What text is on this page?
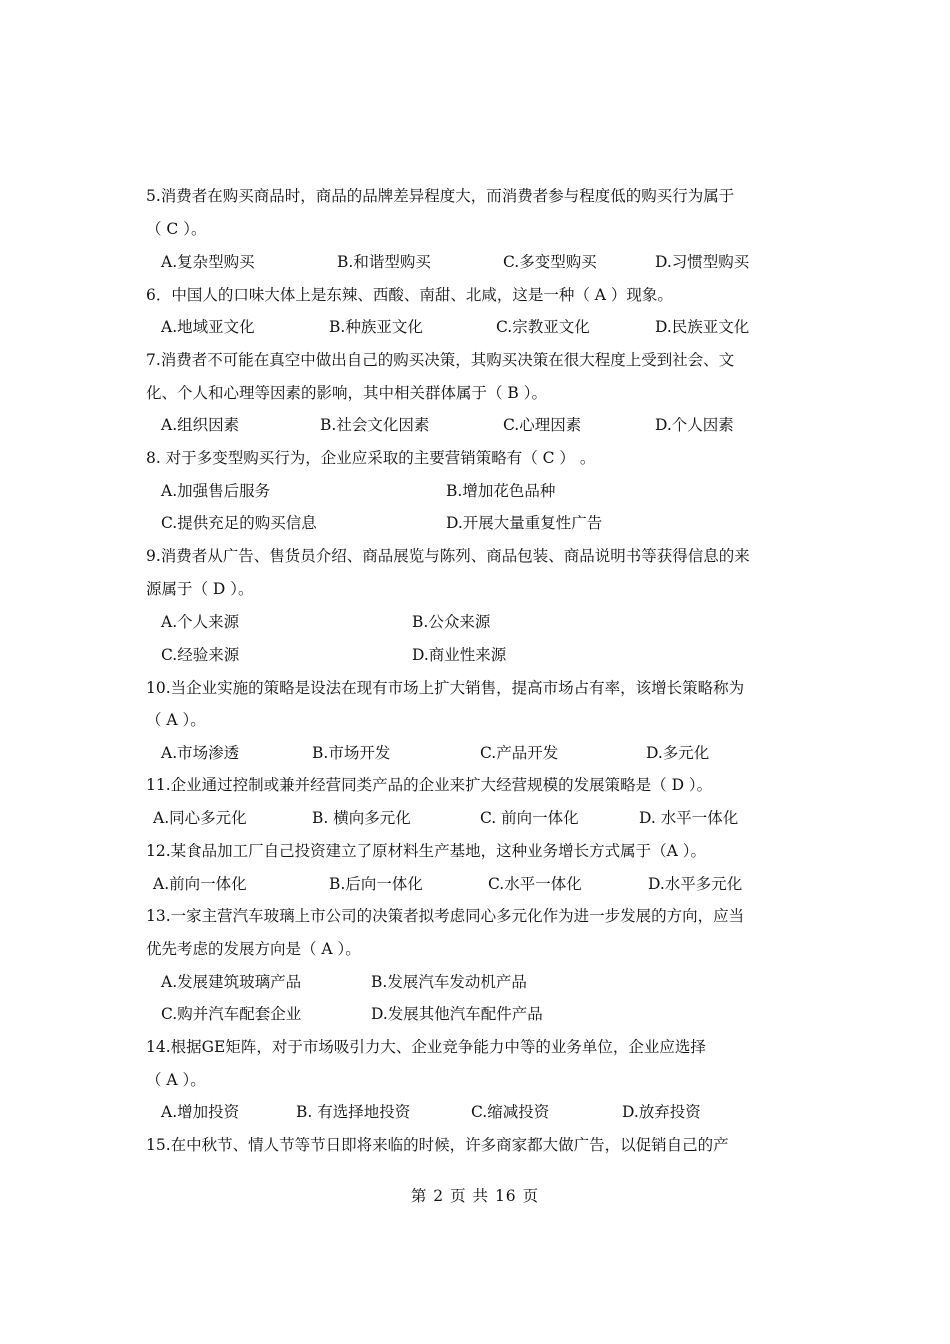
5.消费者在购买商品时，商品的品牌差异程度大，而消费者参与程度低的购买行为属于
（ C ）。
A.复杂型购买	B.和谐型购买	C.多变型购买	D.习惯型购买
6．中国人的口味大体上是东辣、西酸、南甜、北咸，这是一种（ A ）现象。
A.地域亚文化	B.种族亚文化	C.宗教亚文化	D.民族亚文化
7.消费者不可能在真空中做出自己的购买决策，其购买决策在很大程度上受到社会、文
化、个人和心理等因素的影响，其中相关群体属于（ B ）。
A.组织因素	B.社会文化因素	C.心理因素	D.个人因素
8. 对于多变型购买行为，企业应采取的主要营销策略有（ C ） 。
A.加强售后服务	B.增加花色品种
C.提供充足的购买信息	D.开展大量重复性广告
9.消费者从广告、售货员介绍、商品展览与陈列、商品包装、商品说明书等获得信息的来
源属于（ D ）。
A.个人来源	B.公众来源
C.经验来源	D.商业性来源
10.当企业实施的策略是设法在现有市场上扩大销售，提高市场占有率，该增长策略称为
（ A ）。
A.市场渗透	B.市场开发	C.产品开发	D.多元化
11.企业通过控制或兼并经营同类产品的企业来扩大经营规模的发展策略是（ D ）。
A.同心多元化	B. 横向多元化	C. 前向一体化	D. 水平一体化
12.某食品加工厂自己投资建立了原材料生产基地，这种业务增长方式属于（A ）。
A.前向一体化	B.后向一体化	C.水平一体化	D.水平多元化
13.一家主营汽车玻璃上市公司的决策者拟考虑同心多元化作为进一步发展的方向，应当
优先考虑的发展方向是（ A ）。
A.发展建筑玻璃产品	B.发展汽车发动机产品
C.购并汽车配套企业	D.发展其他汽车配件产品
14.根据GE矩阵，对于市场吸引力大、企业竞争能力中等的业务单位，企业应选择
（ A ）。
A.增加投资	B. 有选择地投资	C.缩减投资	D.放弃投资
15.在中秋节、情人节等节日即将来临的时候，许多商家都大做广告，以促销自己的产
第 2 页 共 16 页
